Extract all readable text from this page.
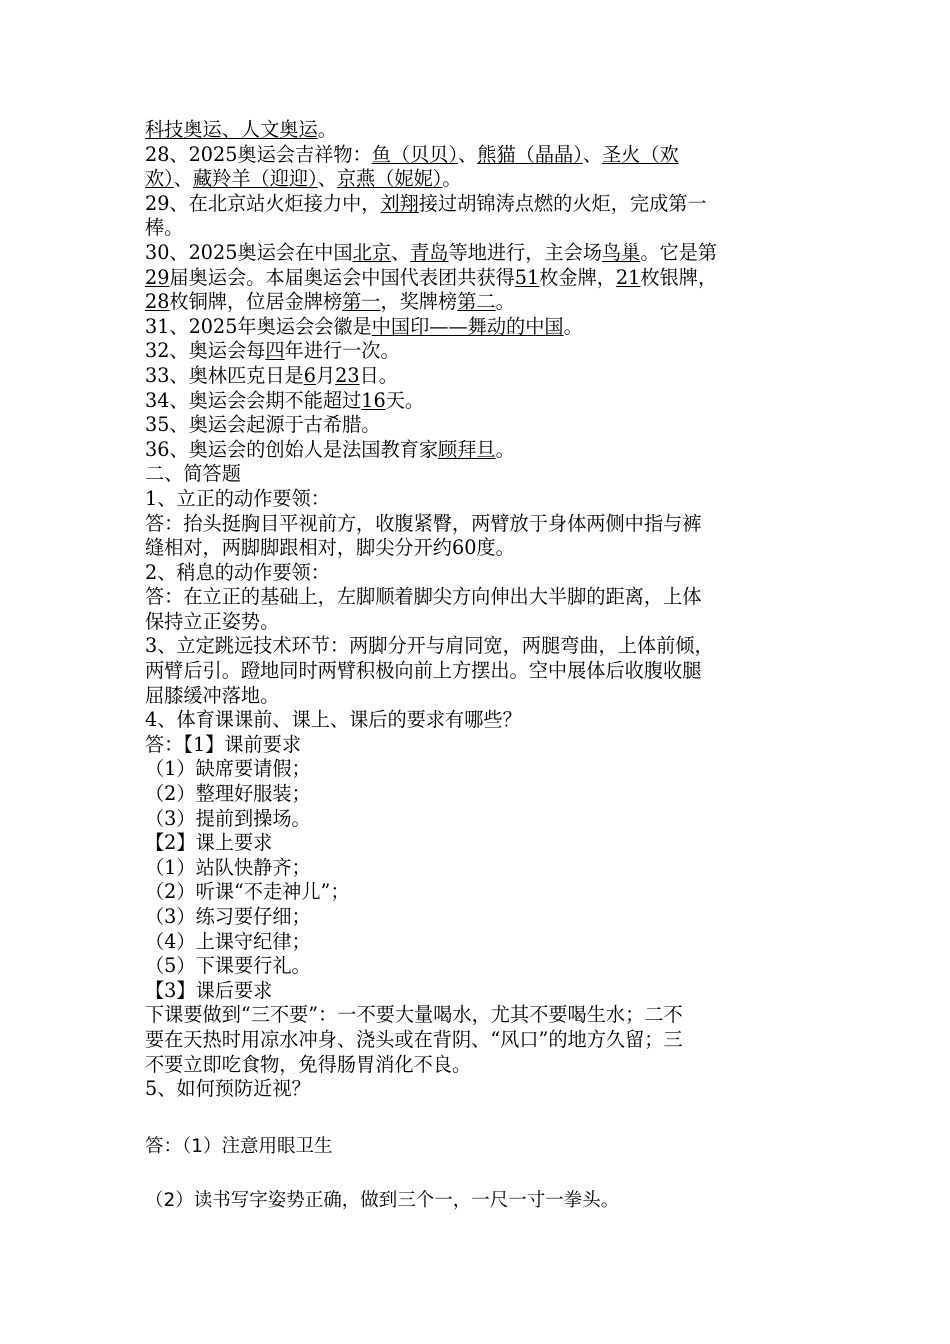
科技奥运、人文奥运。
28、2025奥运会吉祥物：鱼（贝贝）、熊猫（晶晶）、圣火（欢
欢）、藏羚羊（迎迎）、京燕（妮妮）。
29、在北京站火炬接力中，刘翔接过胡锦涛点燃的火炬，完成第一
棒。
30、2025奥运会在中国北京、青岛等地进行，主会场鸟巢。它是第
29届奥运会。本届奥运会中国代表团共获得51枚金牌，21枚银牌，
28枚铜牌，位居金牌榜第一，奖牌榜第二。
31、2025年奥运会会徽是中国印——舞动的中国。
32、奥运会每四年进行一次。
33、奥林匹克日是6月23日。
34、奥运会会期不能超过16天。
35、奥运会起源于古希腊。
36、奥运会的创始人是法国教育家顾拜旦。
二、简答题
1、立正的动作要领：
答：抬头挺胸目平视前方，收腹紧臀，两臂放于身体两侧中指与裤
缝相对，两脚脚跟相对，脚尖分开约60度。
2、稍息的动作要领：
答：在立正的基础上，左脚顺着脚尖方向伸出大半脚的距离，上体
保持立正姿势。
3、立定跳远技术环节：两脚分开与肩同宽，两腿弯曲，上体前倾，
两臂后引。蹬地同时两臂积极向前上方摆出。空中展体后收腹收腿
屈膝缓冲落地。
4、体育课课前、课上、课后的要求有哪些？
答：【1】课前要求
（1）缺席要请假；
（2）整理好服装；
（3）提前到操场。
【2】课上要求
（1）站队快静齐；
（2）听课“不走神儿”；
（3）练习要仔细；
（4）上课守纪律；
（5）下课要行礼。
【3】课后要求
下课要做到“三不要”：一不要大量喝水，尤其不要喝生水；二不
要在天热时用凉水冲身、浇头或在背阴、“风口”的地方久留；三
不要立即吃食物，免得肠胃消化不良。
5、如何预防近视？
答：（1）注意用眼卫生
（2）读书写字姿势正确，做到三个一，一尺一寸一拳头。
